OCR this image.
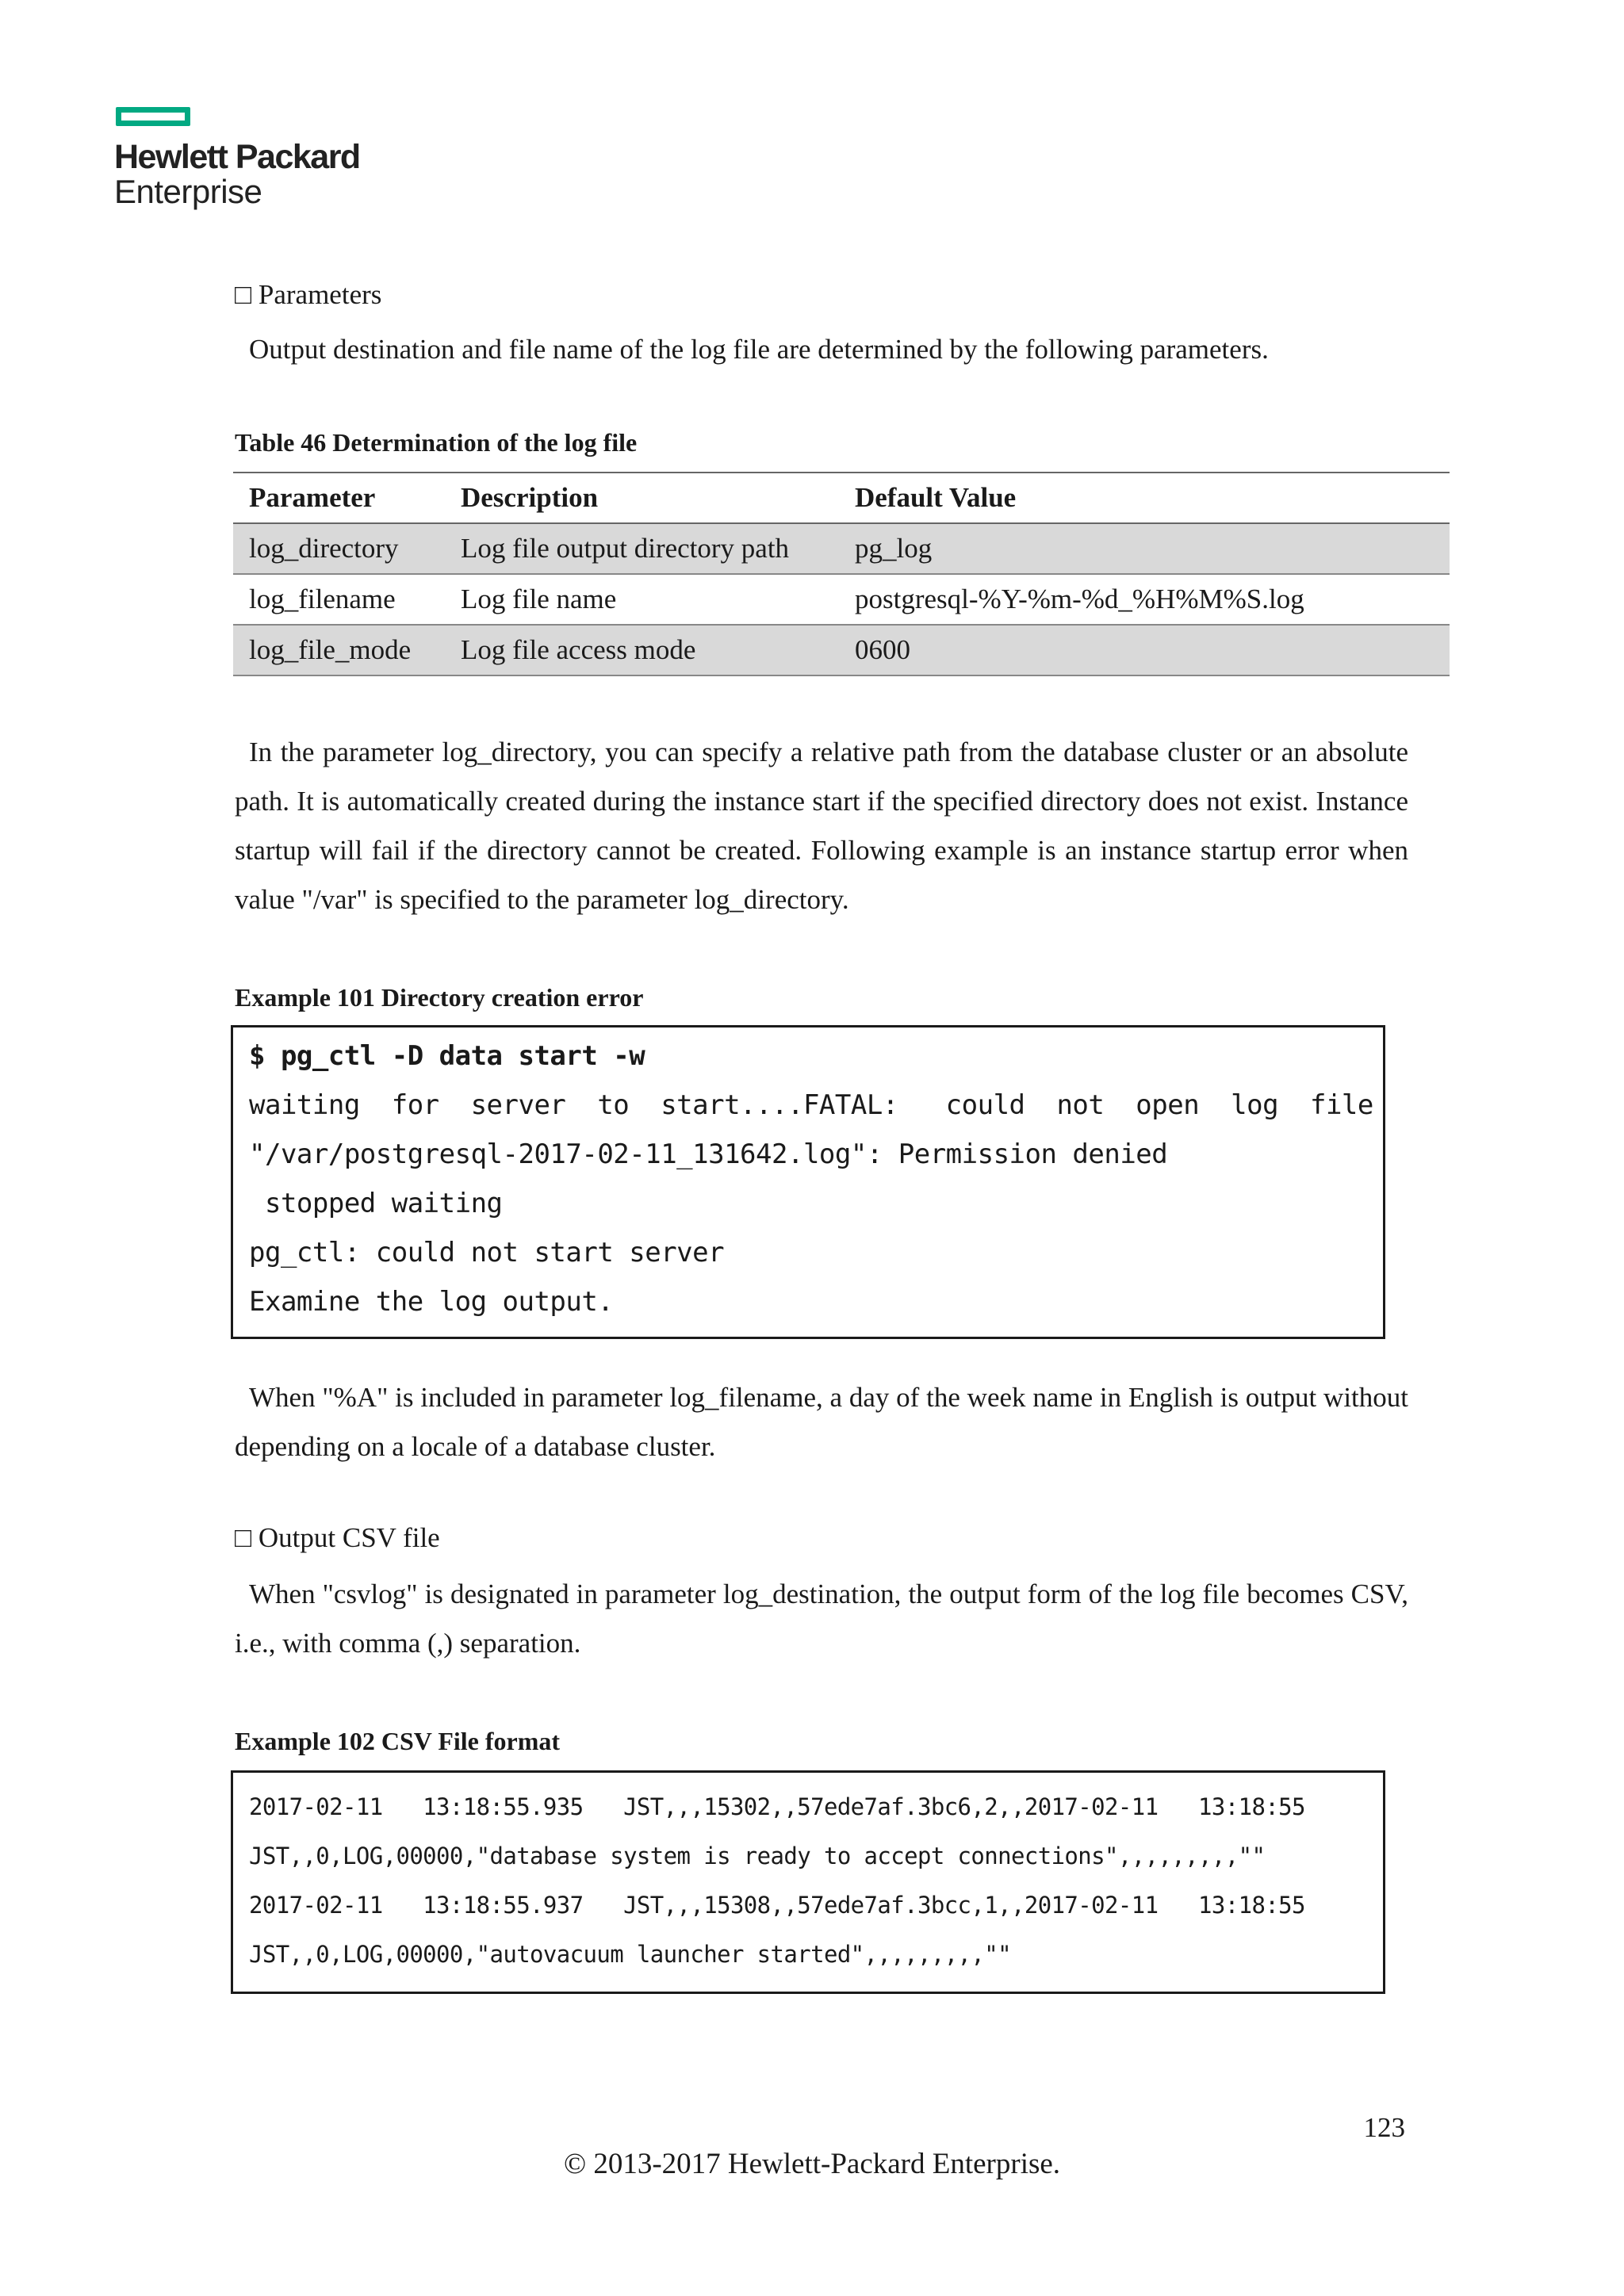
Hewlett Packard
Enterprise
□ Parameters
Output destination and file name of the log file are determined by the following parameters.
Table 46 Determination of the log file
Parameter	Description	Default Value
log_directory	Log file output directory path	pg_log
log_filename	Log file name	postgresql-%Y-%m-%d_%H%M%S.log
log_file_mode	Log file access mode	0600
In the parameter log_directory, you can specify a relative path from the database cluster or an absolute path. It is automatically created during the instance start if the specified directory does not exist. Instance startup will fail if the directory cannot be created. Following example is an instance startup error when value "/var" is specified to the parameter log_directory.
Example 101 Directory creation error
$ pg_ctl -D data start -w
waiting  for  server  to  start....FATAL:   could  not  open  log  file
"/var/postgresql-2017-02-11_131642.log": Permission denied
stopped waiting
pg_ctl: could not start server
Examine the log output.
When "%A" is included in parameter log_filename, a day of the week name in English is output without depending on a locale of a database cluster.
□ Output CSV file
When "csvlog" is designated in parameter log_destination, the output form of the log file becomes CSV, i.e., with comma (,) separation.
Example 102 CSV File format
2017-02-11   13:18:55.935   JST,,,15302,,57ede7af.3bc6,2,,2017-02-11   13:18:55
JST,,0,LOG,00000,"database system is ready to accept connections",,,,,,,,,""
2017-02-11   13:18:55.937   JST,,,15308,,57ede7af.3bcc,1,,2017-02-11   13:18:55
JST,,0,LOG,00000,"autovacuum launcher started",,,,,,,,,""
123
© 2013-2017 Hewlett-Packard Enterprise.
